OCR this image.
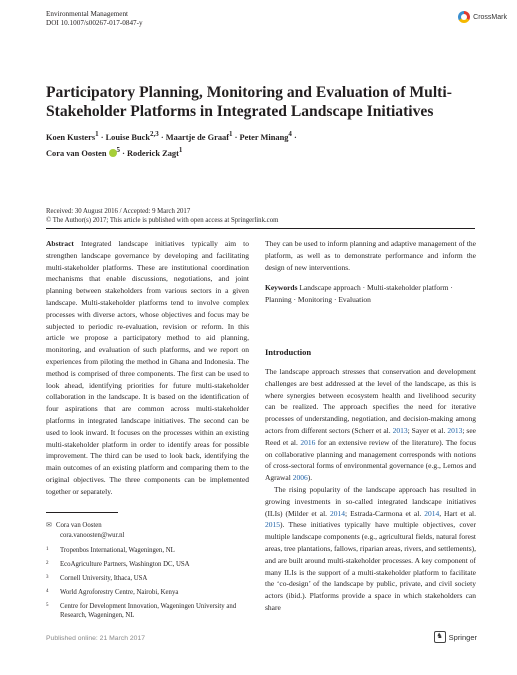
Environmental Management
DOI 10.1007/s00267-017-0847-y
CrossMark
Participatory Planning, Monitoring and Evaluation of Multi-Stakeholder Platforms in Integrated Landscape Initiatives
Koen Kusters$^1$ · Louise Buck$^{2,3}$ · Maartje de Graaf$^1$ · Peter Minang$^4$ ·
Cora van Oosten $^5$ · Roderick Zagt$^1$
Received: 30 August 2016 / Accepted: 9 March 2017
© The Author(s) 2017; This article is published with open access at Springerlink.com
Abstract Integrated landscape initiatives typically aim to strengthen landscape governance by developing and facilitating multi-stakeholder platforms. These are institutional coordination mechanisms that enable discussions, negotiations, and joint planning between stakeholders from various sectors in a given landscape. Multi-stakeholder platforms tend to involve complex processes with diverse actors, whose objectives and focus may be subjected to periodic re-evaluation, revision or reform. In this article we propose a participatory method to aid planning, monitoring, and evaluation of such platforms, and we report on experiences from piloting the method in Ghana and Indonesia. The method is comprised of three components. The first can be used to look ahead, identifying priorities for future multi-stakeholder collaboration in the landscape. It is based on the identification of four aspirations that are common across multi-stakeholder platforms in integrated landscape initiatives. The second can be used to look inward. It focuses on the processes within an existing multi-stakeholder platform in order to identify areas for possible improvement. The third can be used to look back, identifying the main outcomes of an existing platform and comparing them to the original objectives. The three components can be implemented together or separately.
They can be used to inform planning and adaptive management of the platform, as well as to demonstrate performance and inform the design of new interventions.
Keywords Landscape approach · Multi-stakeholder platform · Planning · Monitoring · Evaluation
Introduction

The landscape approach stresses that conservation and development challenges are best addressed at the level of the landscape, as this is where synergies between ecosystem health and livelihood security can be realized. The approach specifies the need for iterative processes of understanding, negotiation, and decision-making among actors from different sectors (Scherr et al. 2013; Sayer et al. 2013; see Reed et al. 2016 for an extensive review of the literature). The focus on collaborative planning and management corresponds with notions of cross-sectoral forms of environmental governance (e.g., Lemos and Agrawal 2006).

The rising popularity of the landscape approach has resulted in growing investments in so-called integrated landscape initiatives (ILIs) (Milder et al. 2014; Estrada-Carmona et al. 2014, Hart et al. 2015). These initiatives typically have multiple objectives, cover multiple landscape components (e.g., agricultural fields, natural forest areas, tree plantations, fallows, riparian areas, rivers, and settlements), and are built around multi-stakeholder processes. A key component of many ILIs is the support of a multi-stakeholder platform to facilitate the ‘co-design’ of the landscape by public, private, and civil society actors (ibid.). Platforms provide a space in which stakeholders can share

✉ Cora van Oosten
cora.vanoosten@wur.nl
1	Tropenbos International, Wageningen, NL
2	EcoAgriculture Partners, Washington DC, USA
3	Cornell University, Ithaca, USA
4	World Agroforestry Centre, Nairobi, Kenya
5	Centre for Development Innovation, Wageningen University and Research, Wageningen, NL
Published online: 21 March 2017	♞ Springer
